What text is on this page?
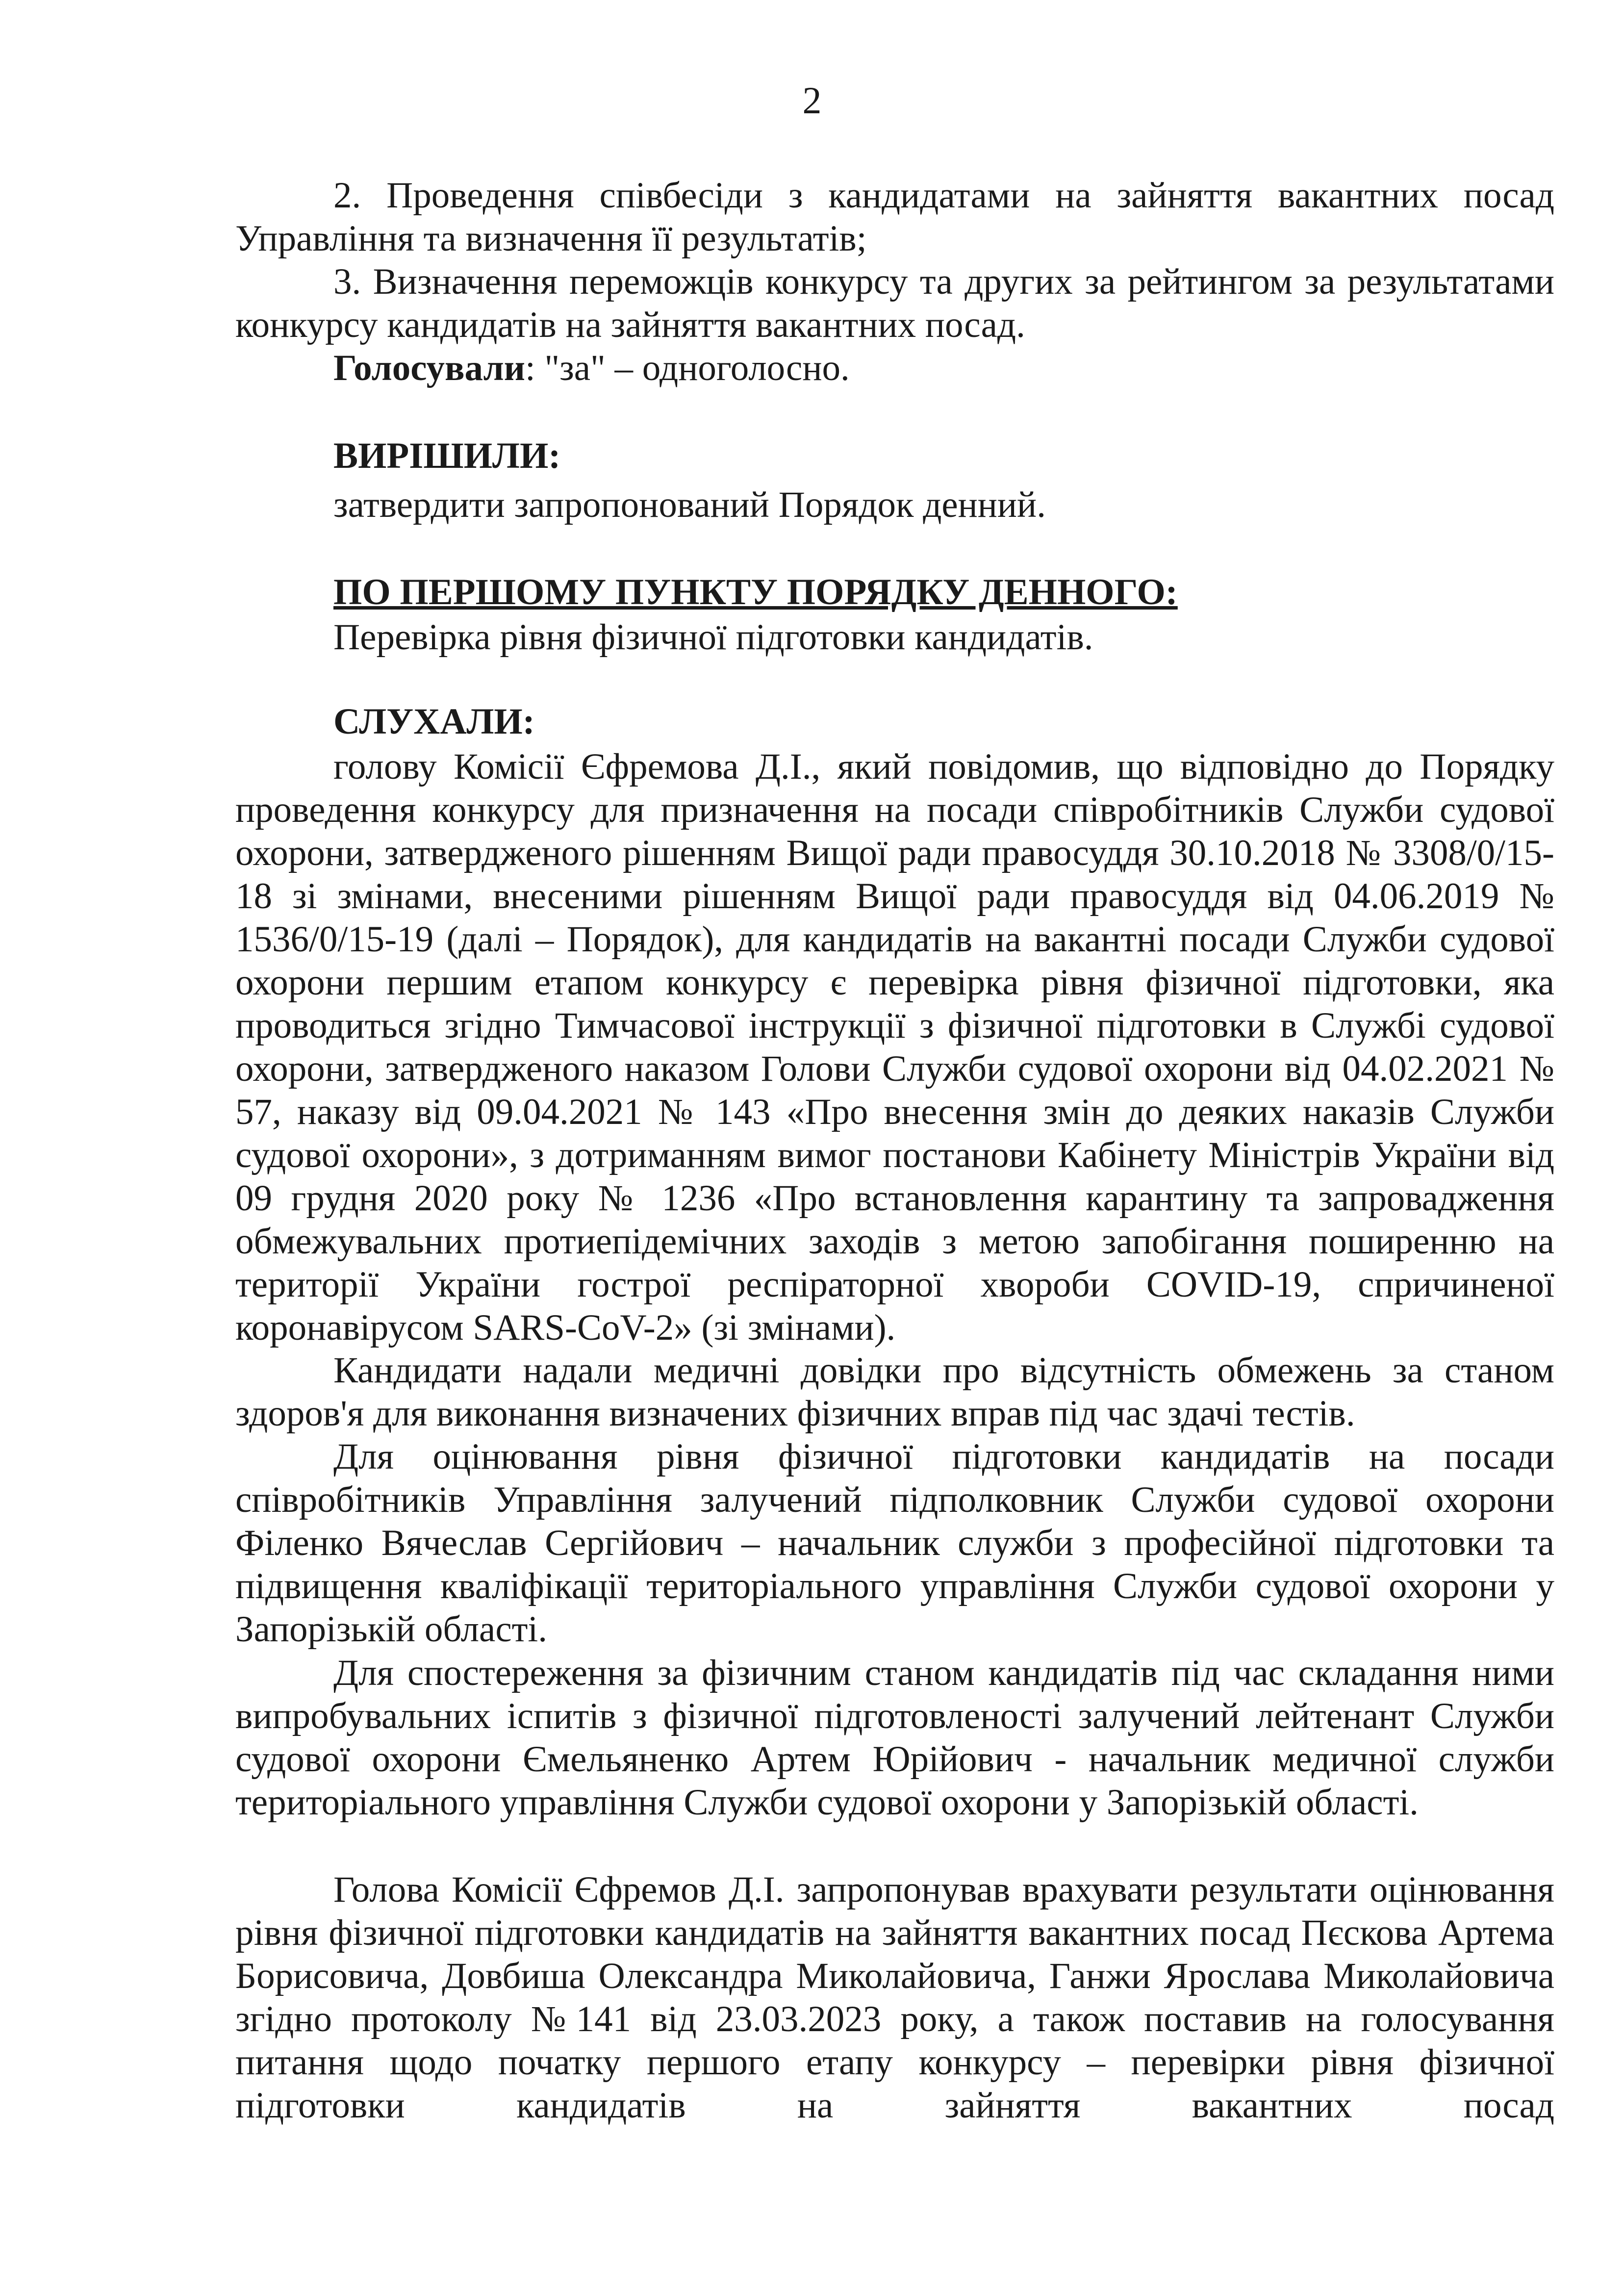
2
2. Проведення співбесіди з кандидатами на зайняття вакантних посад Управління та визначення її результатів;
3. Визначення переможців конкурсу та других за рейтингом за результатами конкурсу кандидатів на зайняття вакантних посад.
Голосували: "за" – одноголосно.
ВИРІШИЛИ:
затвердити запропонований Порядок денний.
ПО ПЕРШОМУ ПУНКТУ ПОРЯДКУ ДЕННОГО:
Перевірка рівня фізичної підготовки кандидатів.
СЛУХАЛИ:
голову Комісії Єфремова Д.І., який повідомив, що відповідно до Порядку проведення конкурсу для призначення на посади співробітників Служби судової охорони, затвердженого рішенням Вищої ради правосуддя 30.10.2018 № 3308/0/15-18 зі змінами, внесеними рішенням Вищої ради правосуддя від 04.06.2019 № 1536/0/15-19 (далі – Порядок), для кандидатів на вакантні посади Служби судової охорони першим етапом конкурсу є перевірка рівня фізичної підготовки, яка проводиться згідно Тимчасової інструкції з фізичної підготовки в Службі судової охорони, затвердженого наказом Голови Служби судової охорони від 04.02.2021 № 57, наказу від 09.04.2021 № 143 «Про внесення змін до деяких наказів Служби судової охорони», з дотриманням вимог постанови Кабінету Міністрів України від 09 грудня 2020 року № 1236 «Про встановлення карантину та запровадження обмежувальних протиепідемічних заходів з метою запобігання поширенню на території України гострої респіраторної хвороби COVID-19, спричиненої коронавірусом SARS-CoV-2» (зі змінами).
Кандидати надали медичні довідки про відсутність обмежень за станом здоров'я для виконання визначених фізичних вправ під час здачі тестів.
Для оцінювання рівня фізичної підготовки кандидатів на посади співробітників Управління залучений підполковник Служби судової охорони Філенко Вячеслав Сергійович – начальник служби з професійної підготовки та підвищення кваліфікації територіального управління Служби судової охорони у Запорізькій області.
Для спостереження за фізичним станом кандидатів під час складання ними випробувальних іспитів з фізичної підготовленості залучений лейтенант Служби судової охорони Ємельяненко Артем Юрійович - начальник медичної служби територіального управління Служби судової охорони у Запорізькій області.
Голова Комісії Єфремов Д.І. запропонував врахувати результати оцінювання рівня фізичної підготовки кандидатів на зайняття вакантних посад Пєскова Артема Борисовича, Довбиша Олександра Миколайовича, Ганжи Ярослава Миколайовича згідно протоколу №141 від 23.03.2023 року, а також поставив на голосування питання щодо початку першого етапу конкурсу – перевірки рівня фізичної підготовки кандидатів на зайняття вакантних посад
